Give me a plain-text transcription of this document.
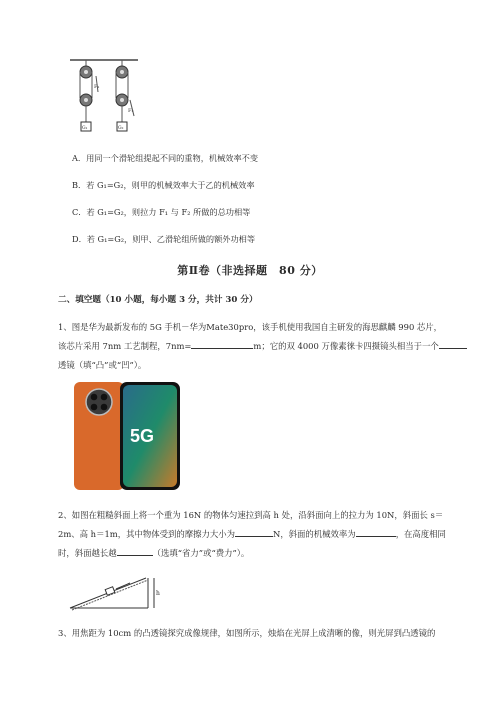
F₁
G₁
F₂
G₂
A．用同一个滑轮组提起不同的重物，机械效率不变
B．若 G₁=G₂，则甲的机械效率大于乙的机械效率
C．若 G₁=G₂，则拉力 F₁ 与 F₂ 所做的总功相等
D．若 G₁=G₂，则甲、乙滑轮组所做的额外功相等
第Ⅱ卷（非选择题　80 分）
二、填空题（10 小题，每小题 3 分，共计 30 分）
1、图是华为最新发布的 5G 手机－华为Mate30pro，该手机使用我国自主研发的海思麒麟 990 芯片，
该芯片采用 7nm 工艺制程，7nm=	m；它的双 4000 万像素徕卡四摄镜头相当于一个
透镜（填“凸”或“凹”）。
5G
2、如图在粗糙斜面上将一个重为 16N 的物体匀速拉到高 h 处，沿斜面向上的拉力为 10N，斜面长 s＝
2m、高 h＝1m，其中物体受到的摩擦力大小为	N，斜面的机械效率为	，在高度相同
时，斜面越长越	（选填“省力”或“费力”）。
h
3、用焦距为 10cm 的凸透镜探究成像规律，如图所示，烛焰在光屏上成清晰的像，则光屏到凸透镜的
